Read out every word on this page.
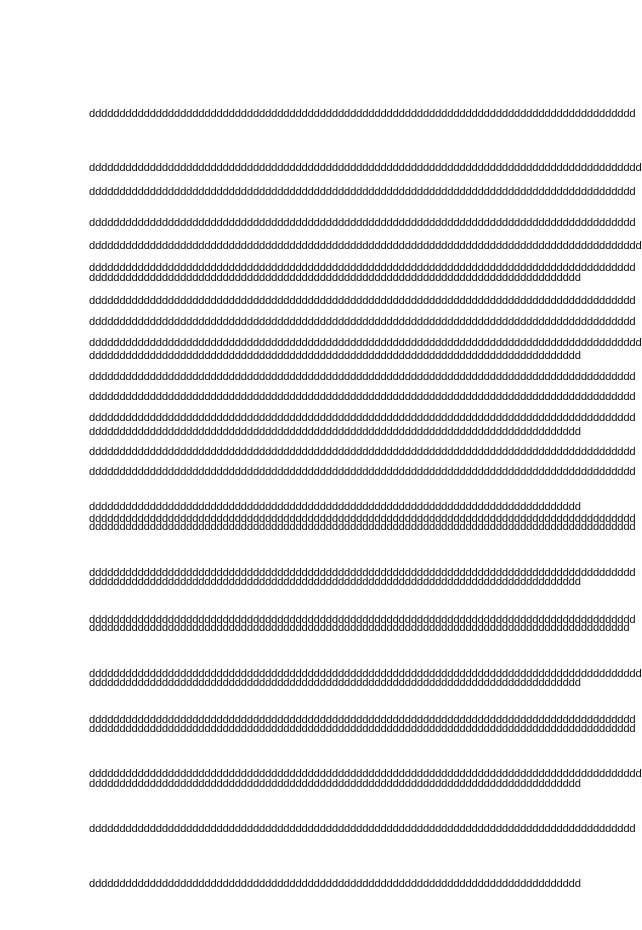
dddddddddddddddddddddddddddddddddddddddddddddddddddddddddddddddddddddddddddddddddddddddddd

ddddddddddddddddddddddddddddddddddddddddddddddddddddddddddddddddddddddddddddddddddddddddddd

dddddddddddddddddddddddddddddddddddddddddddddddddddddddddddddddddddddddddddddddddddddddddd

ddddddddddddddddddddddddddddddddddddddddddddddddddddddddddddddddddddddddddddddddd

dddddddddddddddddddddddddddddddddddddddddddddddddddddddddddddddddddddddddddddddddddddddddd

ddddddddddddddddddddddddddddddddddddddddddddddddddddddddddddddddddddddddddddddddddddddddddd

dddddddddddddddddddddddddddddddddddddddddddddddddddddddddddddddddddddddddddddddddddddddddd

ddddddddddddddddddddddddddddddddddddddddddddddddddddddddddddddddddddddddddddddddd

dddddddddddddddddddddddddddddddddddddddddddddddddddddddddddddddddddddddddddddddddddddddddd

dddddddddddddddddddddddddddddddddddddddddddddddddddddddddddddddddddddddddddddddddddddddddd

dddddddddddddddddddddddddddddddddddddddddddddddddddddddddddddddddddddddddddddddddddddddddd

ddddddddddddddddddddddddddddddddddddddddddddddddddddddddddddddddddddddddddddddddd

ddddddddddddddddddddddddddddddddddddddddddddddddddddddddddddddddddddddddddddddddddddddddddd

dddddddddddddddddddddddddddddddddddddddddddddddddddddddddddddddddddddddddddddddddddddddddd

dddddddddddddddddddddddddddddddddddddddddddddddddddddddddddddddddddddddddddddddddddddddddd

ddddddddddddddddddddddddddddddddddddddddddddddddddddddddddddddddddddddddddddddddd

dddddddddddddddddddddddddddddddddddddddddddddddddddddddddddddddddddddddddddddddddddddddddd

dddddddddddddddddddddddddddddddddddddddddddddddddddddddddddddddddddddddddddddddddddddddddd

dddddddddddddddddddddddddddddddddddddddddddddddddddddddddddddddddddddddddddddddddddddddddd

ddddddddddddddddddddddddddddddddddddddddddddddddddddddddddddddddddddddddddddddddd

dddddddddddddddddddddddddddddddddddddddddddddddddddddddddddddddddddddddddddddddddddddddddd

dddddddddddddddddddddddddddddddddddddddddddddddddddddddddddddddddddddddddddddddddddddddddd

ddddddddddddddddddddddddddddddddddddddddddddddddddddddddddddddddddddddddddddddddddddddddd

ddddddddddddddddddddddddddddddddddddddddddddddddddddddddddddddddddddddddddddddddd

dddddddddddddddddddddddddddddddddddddddddddddddddddddddddddddddddddddddddddddddddddddddddd

ddddddddddddddddddddddddddddddddddddddddddddddddddddddddddddddddddddddddddddddddddddddddddd

dddddddddddddddddddddddddddddddddddddddddddddddddddddddddddddddddddddddddddddddddddddddddd

ddddddddddddddddddddddddddddddddddddddddddddddddddddddddddddddddddddddddddddddddd

dddddddddddddddddddddddddddddddddddddddddddddddddddddddddddddddddddddddddddddddddddddddddd

ddddddddddddddddddddddddddddddddddddddddddddddddddddddddddddddddddddddddddddddddddddddddddd

dddddddddddddddddddddddddddddddddddddddddddddddddddddddddddddddddddddddddddddddddddddddddd

ddddddddddddddddddddddddddddddddddddddddddddddddddddddddddddddddddddddddddddddddd
